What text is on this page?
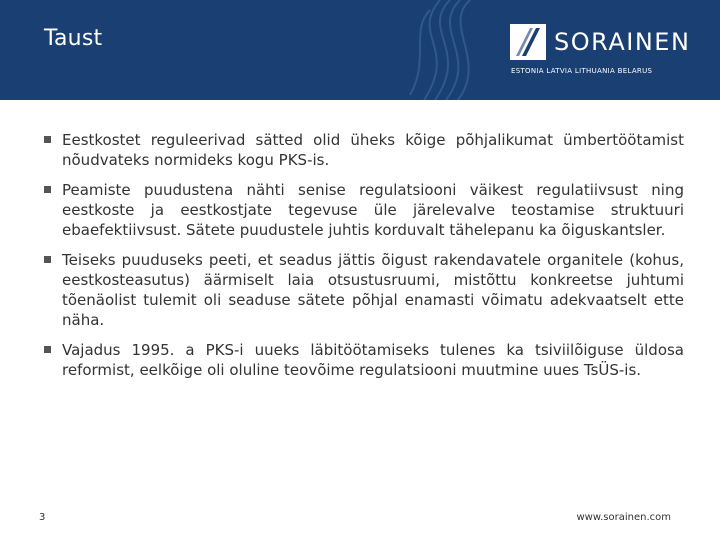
Taust	SORAINEN
ESTONIA LATVIA LITHUANIA BELARUS
Eestkostet reguleerivad sätted olid üheks kõige põhjalikumat ümbertöötamist nõudvateks normideks kogu PKS-is.
Peamiste puudustena nähti senise regulatsiooni väikest regulatiivsust ning eestkoste ja eestkostjate tegevuse üle järelevalve teostamise struktuuri ebaefektiivsust. Sätete puudustele juhtis korduvalt tähelepanu ka õiguskantsler.
Teiseks puuduseks peeti, et seadus jättis õigust rakendavatele organitele (kohus, eestkosteasutus) äärmiselt laia otsustusruumi, mistõttu konkreetse juhtumi tõenäolist tulemit oli seaduse sätete põhjal enamasti võimatu adekvaatselt ette näha.
Vajadus 1995. a PKS-i uueks läbitöötamiseks tulenes ka tsiviilõiguse üldosa reformist, eelkõige oli oluline teovõime regulatsiooni muutmine uues TsÜS-is.
3	www.sorainen.com
